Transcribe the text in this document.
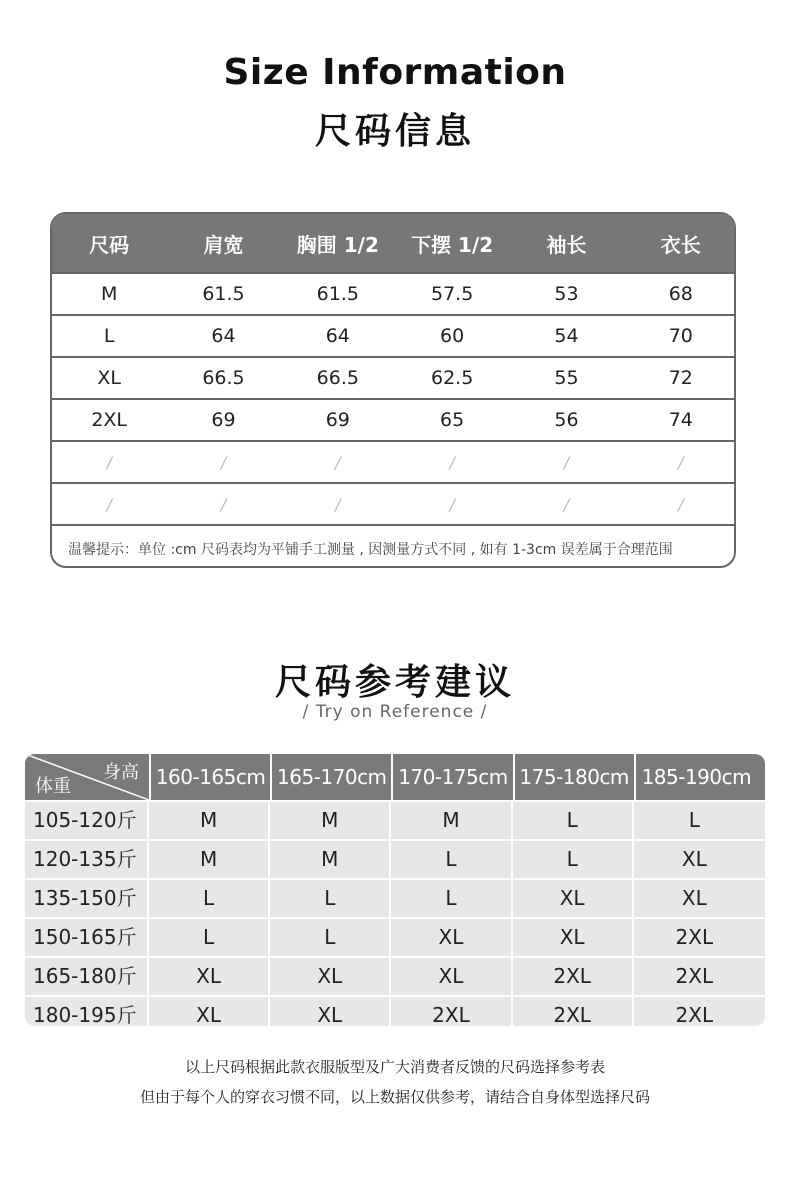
Size Information
尺码信息
尺码	肩宽	胸围 1/2	下摆 1/2	袖长	衣长
M	61.5	61.5	57.5	53	68
L	64	64	60	54	70
XL	66.5	66.5	62.5	55	72
2XL	69	69	65	56	74
/	/	/	/	/	/
/	/	/	/	/	/
温馨提示：单位 :cm 尺码表均为平铺手工测量 , 因测量方式不同 , 如有 1-3cm 误差属于合理范围
尺码参考建议
/ Try on Reference /
身高
体重	160-165cm 165-170cm 170-175cm 175-180cm 185-190cm
105-120斤	M	M	M	L	L
120-135斤	M	M	L	L	XL
135-150斤	L	L	L	XL	XL
150-165斤	L	L	XL	XL	2XL
165-180斤	XL	XL	XL	2XL	2XL
180-195斤	XL	XL	2XL	2XL	2XL
以上尺码根据此款衣服版型及广大消费者反馈的尺码选择参考表
但由于每个人的穿衣习惯不同，以上数据仅供参考，请结合自身体型选择尺码
